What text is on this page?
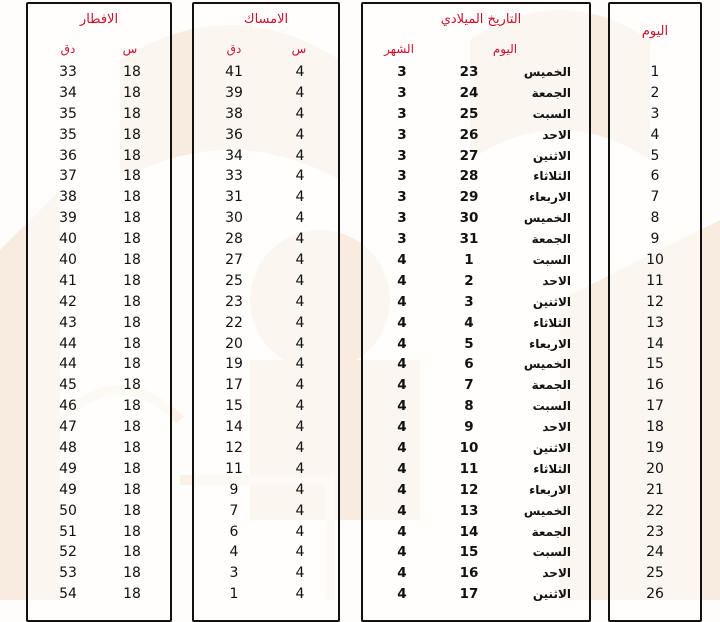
الافطار
س
دق
33	18
34	18
35	18
35	18
36	18
37	18
38	18
39	18
40	18
40	18
41	18
42	18
43	18
44	18
44	18
45	18
46	18
47	18
48	18
49	18
49	18
50	18
51	18
52	18
53	18
54	18
الامساك
س
دق
41	4
39	4
38	4
36	4
34	4
33	4
31	4
30	4
28	4
27	4
25	4
23	4
22	4
20	4
19	4
17	4
15	4
14	4
12	4
11	4
9	4
7	4
6	4
4	4
3	4
1	4
التاريخ الميلادي
اليوم
الشهر
3	23	الخميس
3	24	الجمعة
3	25	السبت
3	26	الاحد
3	27	الاثنين
3	28	الثلاثاء
3	29	الاربعاء
3	30	الخميس
3	31	الجمعة
4	1	السبت
4	2	الاحد
4	3	الاثنين
4	4	الثلاثاء
4	5	الاربعاء
4	6	الخميس
4	7	الجمعة
4	8	السبت
4	9	الاحد
4	10	الاثنين
4	11	الثلاثاء
4	12	الاربعاء
4	13	الخميس
4	14	الجمعة
4	15	السبت
4	16	الاحد
4	17	الاثنين
اليوم
1
2
3
4
5
6
7
8
9
10
11
12
13
14
15
16
17
18
19
20
21
22
23
24
25
26
